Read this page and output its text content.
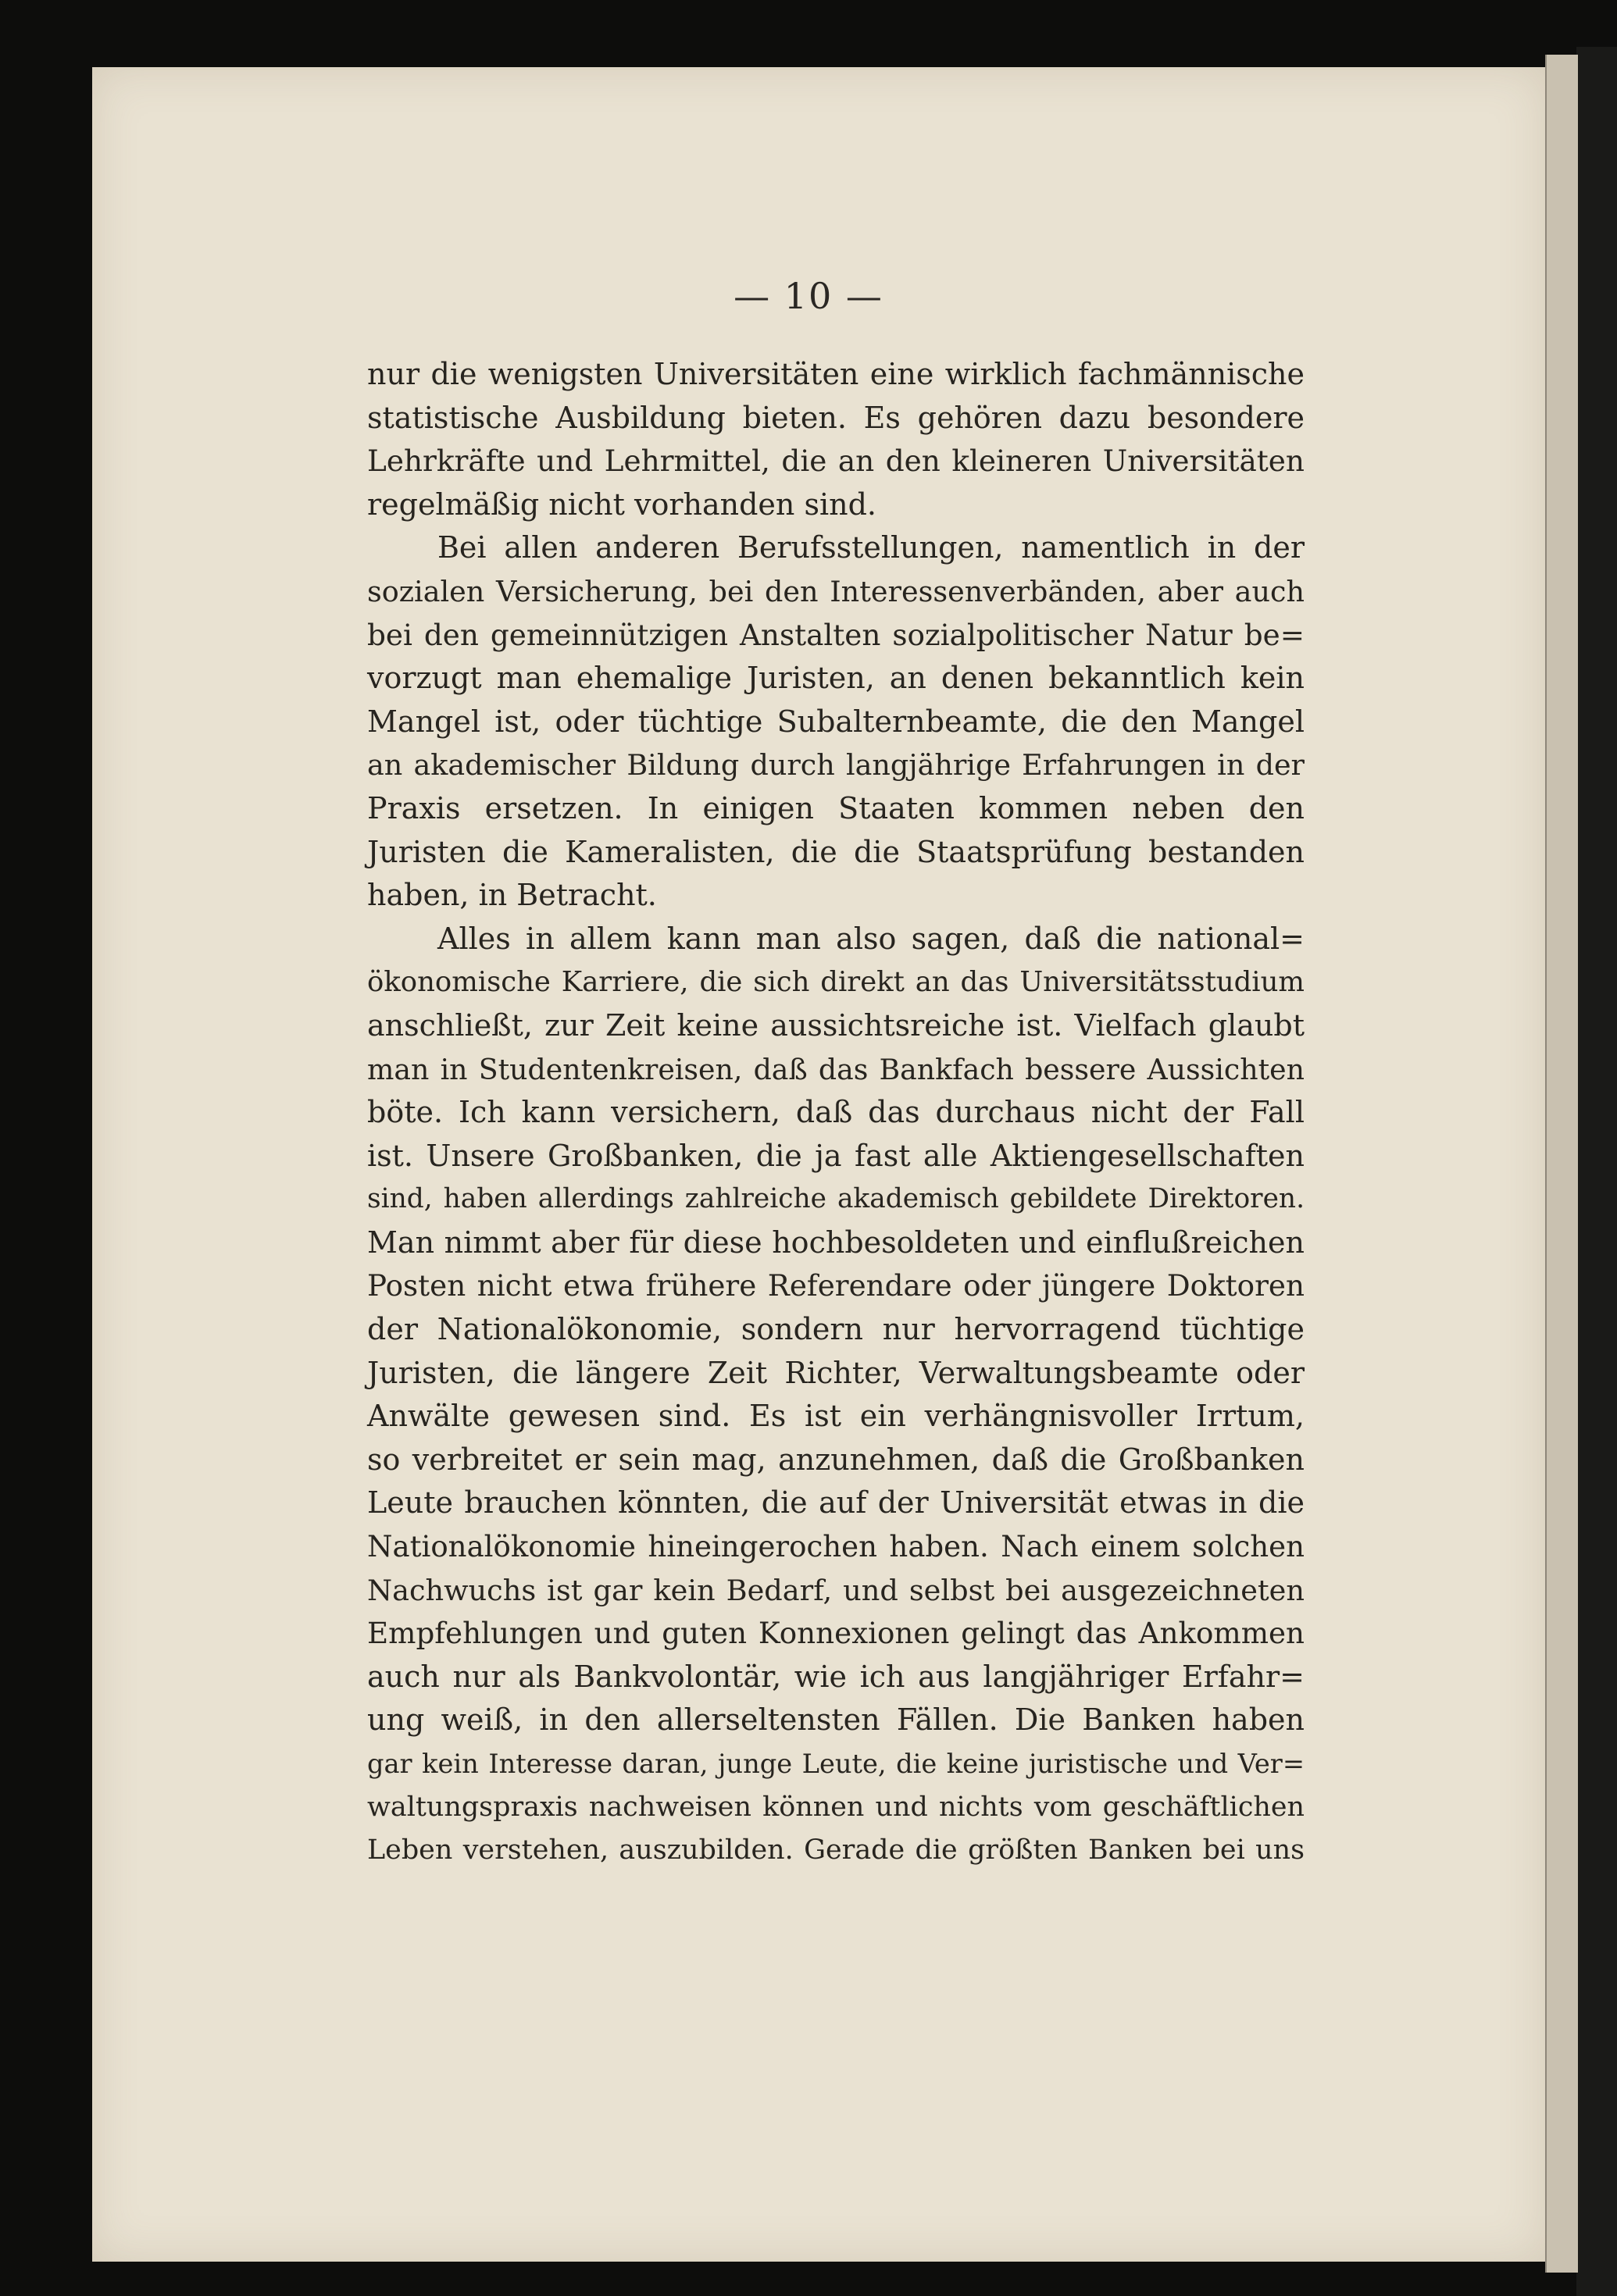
— 10 —
nur die wenigsten Universitäten eine wirklich fachmännische
statistische Ausbildung bieten. Es gehören dazu besondere
Lehrkräfte und Lehrmittel, die an den kleineren Universitäten
regelmäßig nicht vorhanden sind.
Bei allen anderen Berufsstellungen, namentlich in der
sozialen Versicherung, bei den Interessenverbänden, aber auch
bei den gemeinnützigen Anstalten sozialpolitischer Natur be=
vorzugt man ehemalige Juristen, an denen bekanntlich kein
Mangel ist, oder tüchtige Subalternbeamte, die den Mangel
an akademischer Bildung durch langjährige Erfahrungen in der
Praxis ersetzen. In einigen Staaten kommen neben den
Juristen die Kameralisten, die die Staatsprüfung bestanden
haben, in Betracht.
Alles in allem kann man also sagen, daß die national=
ökonomische Karriere, die sich direkt an das Universitätsstudium
anschließt, zur Zeit keine aussichtsreiche ist. Vielfach glaubt
man in Studentenkreisen, daß das Bankfach bessere Aussichten
böte. Ich kann versichern, daß das durchaus nicht der Fall
ist. Unsere Großbanken, die ja fast alle Aktiengesellschaften
sind, haben allerdings zahlreiche akademisch gebildete Direktoren.
Man nimmt aber für diese hochbesoldeten und einflußreichen
Posten nicht etwa frühere Referendare oder jüngere Doktoren
der Nationalökonomie, sondern nur hervorragend tüchtige
Juristen, die längere Zeit Richter, Verwaltungsbeamte oder
Anwälte gewesen sind. Es ist ein verhängnisvoller Irrtum,
so verbreitet er sein mag, anzunehmen, daß die Großbanken
Leute brauchen könnten, die auf der Universität etwas in die
Nationalökonomie hineingerochen haben. Nach einem solchen
Nachwuchs ist gar kein Bedarf, und selbst bei ausgezeichneten
Empfehlungen und guten Konnexionen gelingt das Ankommen
auch nur als Bankvolontär, wie ich aus langjähriger Erfahr=
ung weiß, in den allerseltensten Fällen. Die Banken haben
gar kein Interesse daran, junge Leute, die keine juristische und Ver=
waltungspraxis nachweisen können und nichts vom geschäftlichen
Leben verstehen, auszubilden. Gerade die größten Banken bei uns
